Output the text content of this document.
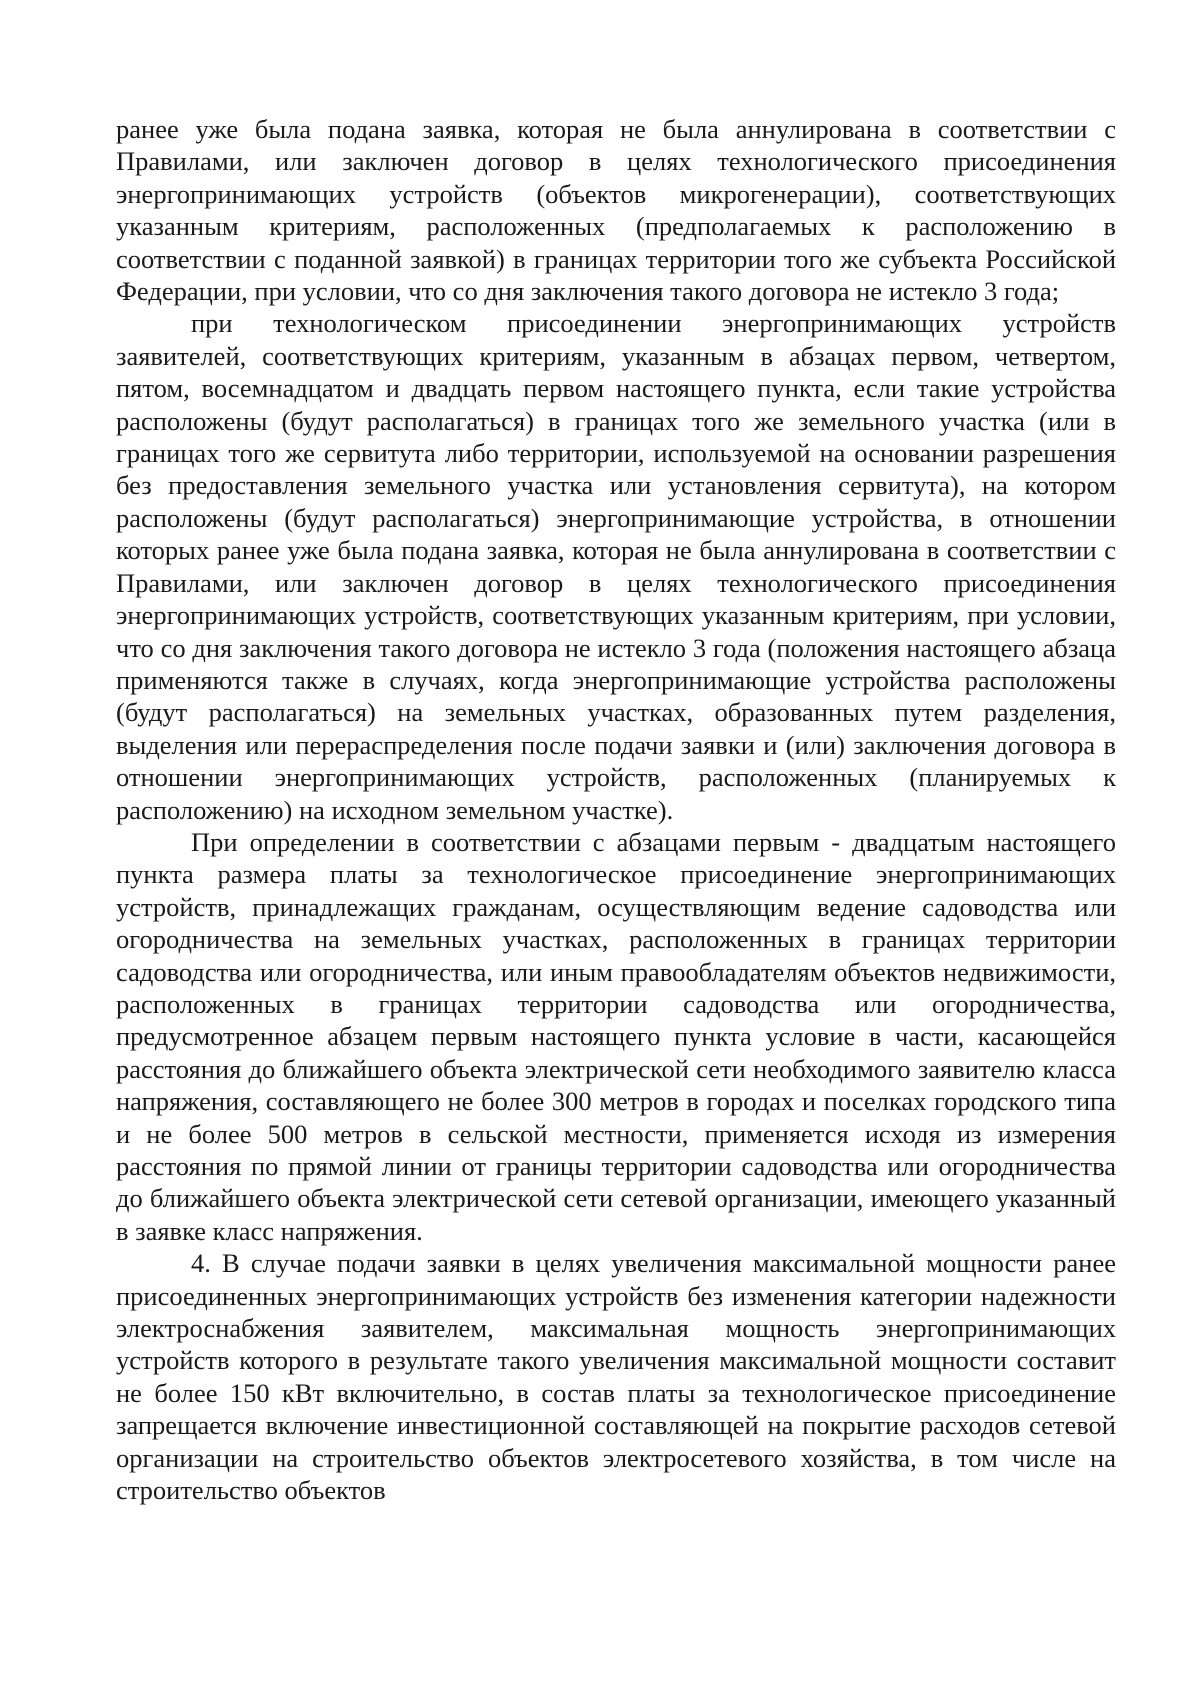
ранее уже была подана заявка, которая не была аннулирована в соответствии с Правилами, или заключен договор в целях технологического присоединения энергопринимающих устройств (объектов микрогенерации), соответствующих указанным критериям, расположенных (предполагаемых к расположению в соответствии с поданной заявкой) в границах территории того же субъекта Российской Федерации, при условии, что со дня заключения такого договора не истекло 3 года;

при технологическом присоединении энергопринимающих устройств заявителей, соответствующих критериям, указанным в абзацах первом, четвертом, пятом, восемнадцатом и двадцать первом настоящего пункта, если такие устройства расположены (будут располагаться) в границах того же земельного участка (или в границах того же сервитута либо территории, используемой на основании разрешения без предоставления земельного участка или установления сервитута), на котором расположены (будут располагаться) энергопринимающие устройства, в отношении которых ранее уже была подана заявка, которая не была аннулирована в соответствии с Правилами, или заключен договор в целях технологического присоединения энергопринимающих устройств, соответствующих указанным критериям, при условии, что со дня заключения такого договора не истекло 3 года (положения настоящего абзаца применяются также в случаях, когда энергопринимающие устройства расположены (будут располагаться) на земельных участках, образованных путем разделения, выделения или перераспределения после подачи заявки и (или) заключения договора в отношении энергопринимающих устройств, расположенных (планируемых к расположению) на исходном земельном участке).

При определении в соответствии с абзацами первым - двадцатым настоящего пункта размера платы за технологическое присоединение энергопринимающих устройств, принадлежащих гражданам, осуществляющим ведение садоводства или огородничества на земельных участках, расположенных в границах территории садоводства или огородничества, или иным правообладателям объектов недвижимости, расположенных в границах территории садоводства или огородничества, предусмотренное абзацем первым настоящего пункта условие в части, касающейся расстояния до ближайшего объекта электрической сети необходимого заявителю класса напряжения, составляющего не более 300 метров в городах и поселках городского типа и не более 500 метров в сельской местности, применяется исходя из измерения расстояния по прямой линии от границы территории садоводства или огородничества до ближайшего объекта электрической сети сетевой организации, имеющего указанный в заявке класс напряжения.

4. В случае подачи заявки в целях увеличения максимальной мощности ранее присоединенных энергопринимающих устройств без изменения категории надежности электроснабжения заявителем, максимальная мощность энергопринимающих устройств которого в результате такого увеличения максимальной мощности составит не более 150 кВт включительно, в состав платы за технологическое присоединение запрещается включение инвестиционной составляющей на покрытие расходов сетевой организации на строительство объектов электросетевого хозяйства, в том числе на строительство объектов
